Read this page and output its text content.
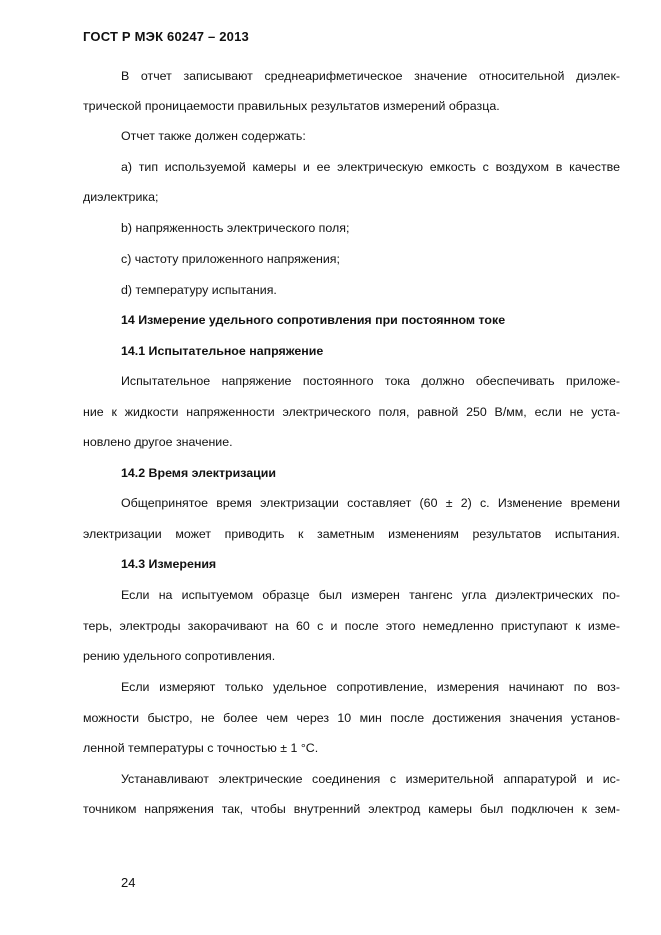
ГОСТ Р МЭК 60247 – 2013
В отчет записывают среднеарифметическое значение относительной диэлек-
трической проницаемости правильных результатов измерений образца.
Отчет также должен содержать:
а) тип используемой камеры и ее электрическую емкость с воздухом в качестве
диэлектрика;
b) напряженность электрического поля;
c) частоту приложенного напряжения;
d) температуру испытания.
14 Измерение удельного сопротивления при постоянном токе
14.1 Испытательное напряжение
Испытательное напряжение постоянного тока должно обеспечивать приложе-
ние к жидкости напряженности электрического поля, равной 250 В/мм, если не уста-
новлено другое значение.
14.2 Время электризации
Общепринятое время электризации составляет (60 ± 2) с. Изменение времени
электризации может приводить к заметным изменениям результатов испытания.
14.3 Измерения
Если на испытуемом образце был измерен тангенс угла диэлектрических по-
терь, электроды закорачивают на 60 с и после этого немедленно приступают к изме-
рению удельного сопротивления.
Если измеряют только удельное сопротивление, измерения начинают по воз-
можности быстро, не более чем через 10 мин после достижения значения установ-
ленной температуры с точностью ± 1 °С.
Устанавливают электрические соединения с измерительной аппаратурой и ис-
точником напряжения так, чтобы внутренний электрод камеры был подключен к зем-
24
